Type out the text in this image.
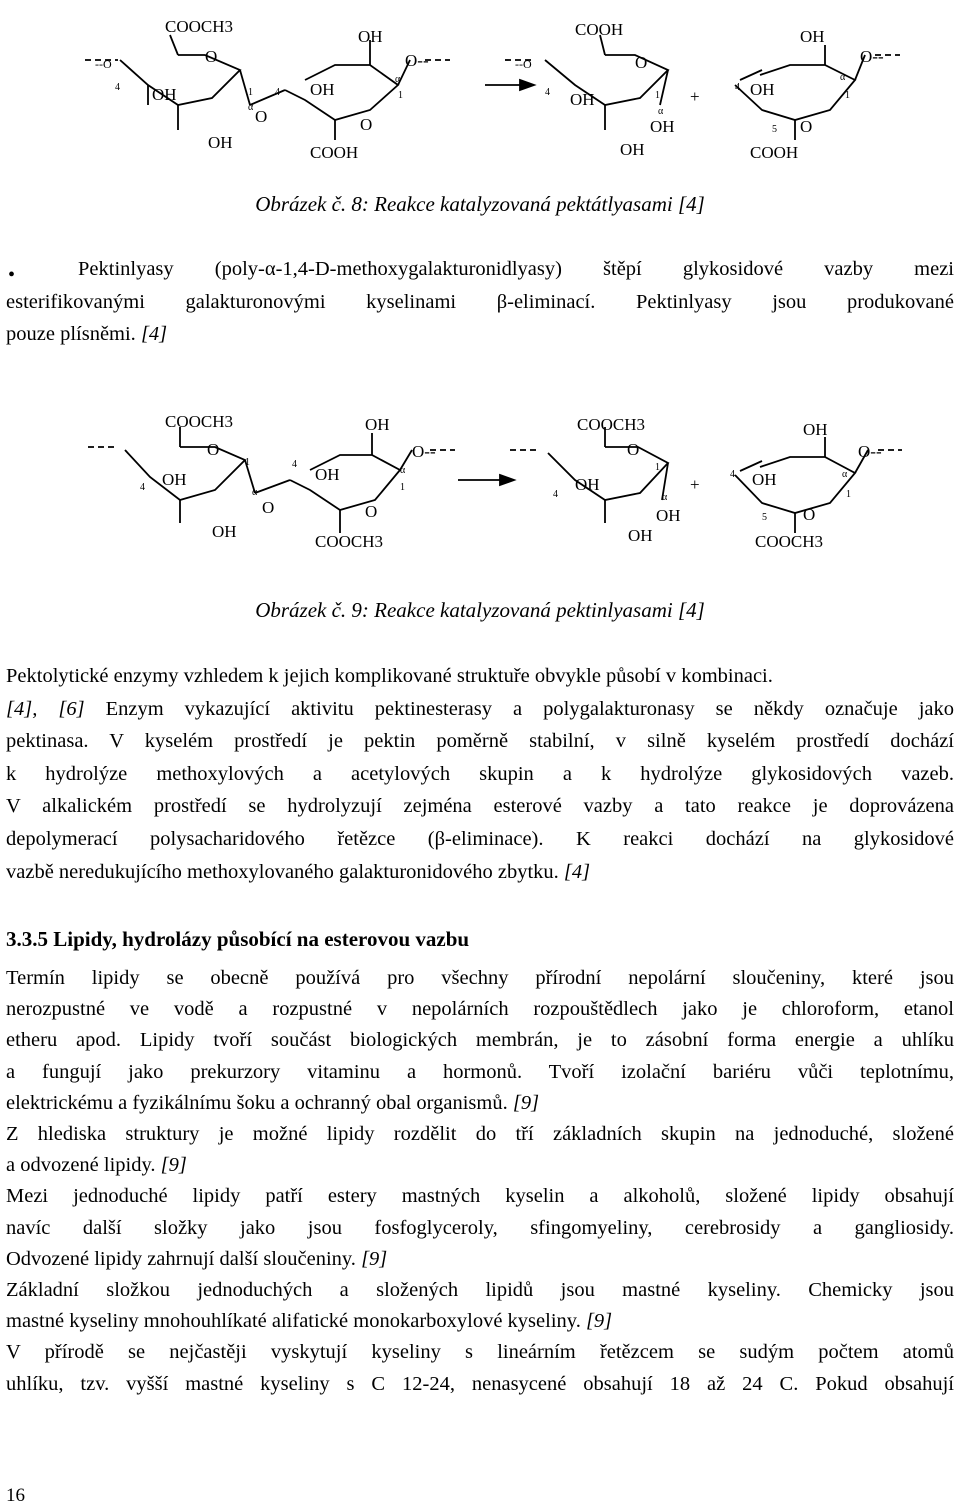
COOCH3
--O	O
OH
4	1
α O
OH
4 OH
OH
O
COOH
α
1
O--
COOH
--O	O
OH
4	1
α
OH
OH
+
OH
OH
4
5 O
COOH
α
1
O--
Obrázek č. 8: Reakce katalyzovaná pektátlyasami [4]
•	Pektinlyasy (poly-α-1,4-D-methoxygalakturonidlyasy) štěpí glykosidové vazby mezi
esterifikovanými galakturonovými kyselinami β-eliminací. Pektinlyasy jsou produkované
pouze plísněmi. [4]
COOCH3
O
OH
4
1
α
O
OH
4
OH
OH
O
COOCH3
α
1
O--
COOCH3
O
OH
4
1
α
OH
OH
+
OH
OH
4
5 O
COOCH3
α
1
O--
Obrázek č. 9: Reakce katalyzovaná pektinlyasami [4]

Pektolytické enzymy vzhledem k jejich komplikované struktuře obvykle působí v kombinaci.

[4], [6] Enzym vykazující aktivitu pektinesterasy a polygalakturonasy se někdy označuje jako

pektinasa. V kyselém prostředí je pektin poměrně stabilní, v silně kyselém prostředí dochází

k hydrolýze methoxylových a acetylových skupin a k hydrolýze glykosidových vazeb.

V alkalickém prostředí se hydrolyzují zejména esterové vazby a tato reakce je doprovázena

depolymerací polysacharidového řetězce (β-eliminace). K reakci dochází na glykosidové

vazbě neredukujícího methoxylovaného galakturonidového zbytku. [4]

3.3.5 Lipidy, hydrolázy působící na esterovou vazbu

Termín lipidy se obecně používá pro všechny přírodní nepolární sloučeniny, které jsou

nerozpustné ve vodě a rozpustné v nepolárních rozpouštědlech jako je chloroform, etanol

etheru apod. Lipidy tvoří součást biologických membrán, je to zásobní forma energie a uhlíku

a fungují jako prekurzory vitaminu a hormonů. Tvoří izolační bariéru vůči teplotnímu,

elektrickému a fyzikálnímu šoku a ochranný obal organismů. [9]

Z hlediska struktury je možné lipidy rozdělit do tří základních skupin na jednoduché, složené

a odvozené lipidy. [9]

Mezi jednoduché lipidy patří estery mastných kyselin a alkoholů, složené lipidy obsahují

navíc další složky jako jsou fosfoglyceroly, sfingomyeliny, cerebrosidy a gangliosidy.

Odvozené lipidy zahrnují další sloučeniny. [9]

Základní složkou jednoduchých a složených lipidů jsou mastné kyseliny. Chemicky jsou

mastné kyseliny mnohouhlíkaté alifatické monokarboxylové kyseliny. [9]

V přírodě se nejčastěji vyskytují kyseliny s lineárním řetězcem se sudým počtem atomů

uhlíku, tzv. vyšší mastné kyseliny s C 12-24, nenasycené obsahují 18 až 24 C. Pokud obsahují

16
